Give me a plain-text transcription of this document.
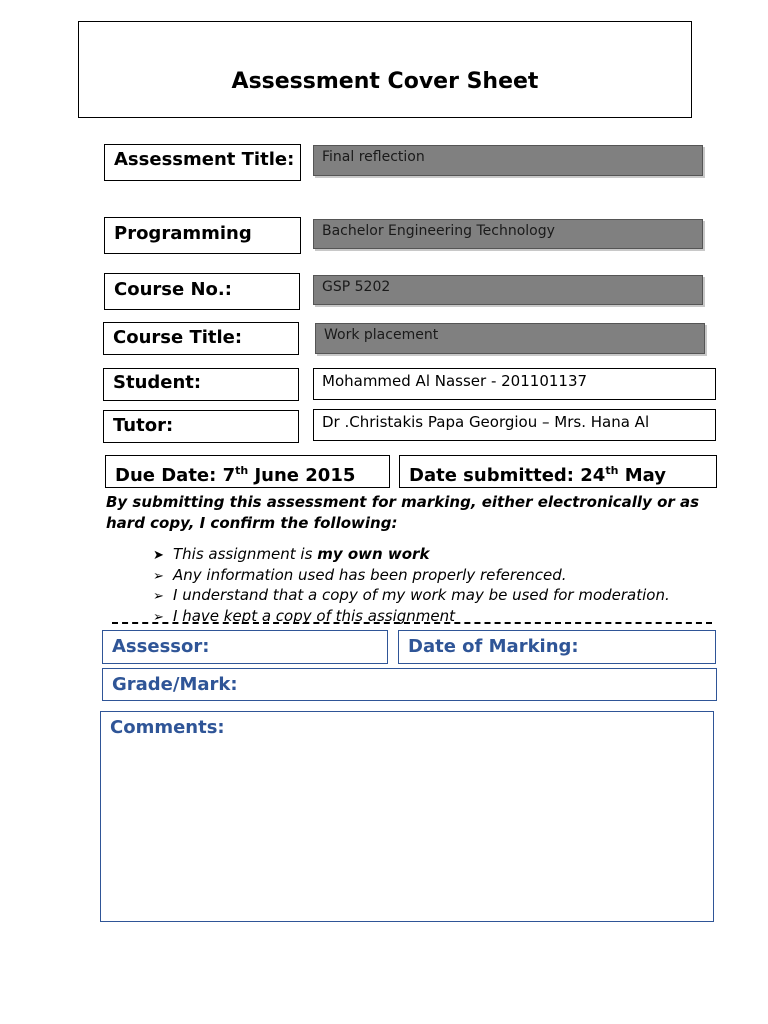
Assessment Cover Sheet
Assessment Title:	Final reflection
Programming	Bachelor Engineering Technology
Course No.:	GSP 5202
Course Title:	Work placement
Student:	Mohammed Al Nasser - 201101137
Tutor:	Dr .Christakis Papa Georgiou – Mrs. Hana Al
Due Date: 7th June 2015	Date submitted: 24th May
By submitting this assessment for marking, either electronically or as hard copy, I confirm the following:
➤ This assignment is my own work
➢ Any information used has been properly referenced.
➢ I understand that a copy of my work may be used for moderation.
➢ I have kept a copy of this assignment
Assessor:	Date of Marking:
Grade/Mark:
Comments:
